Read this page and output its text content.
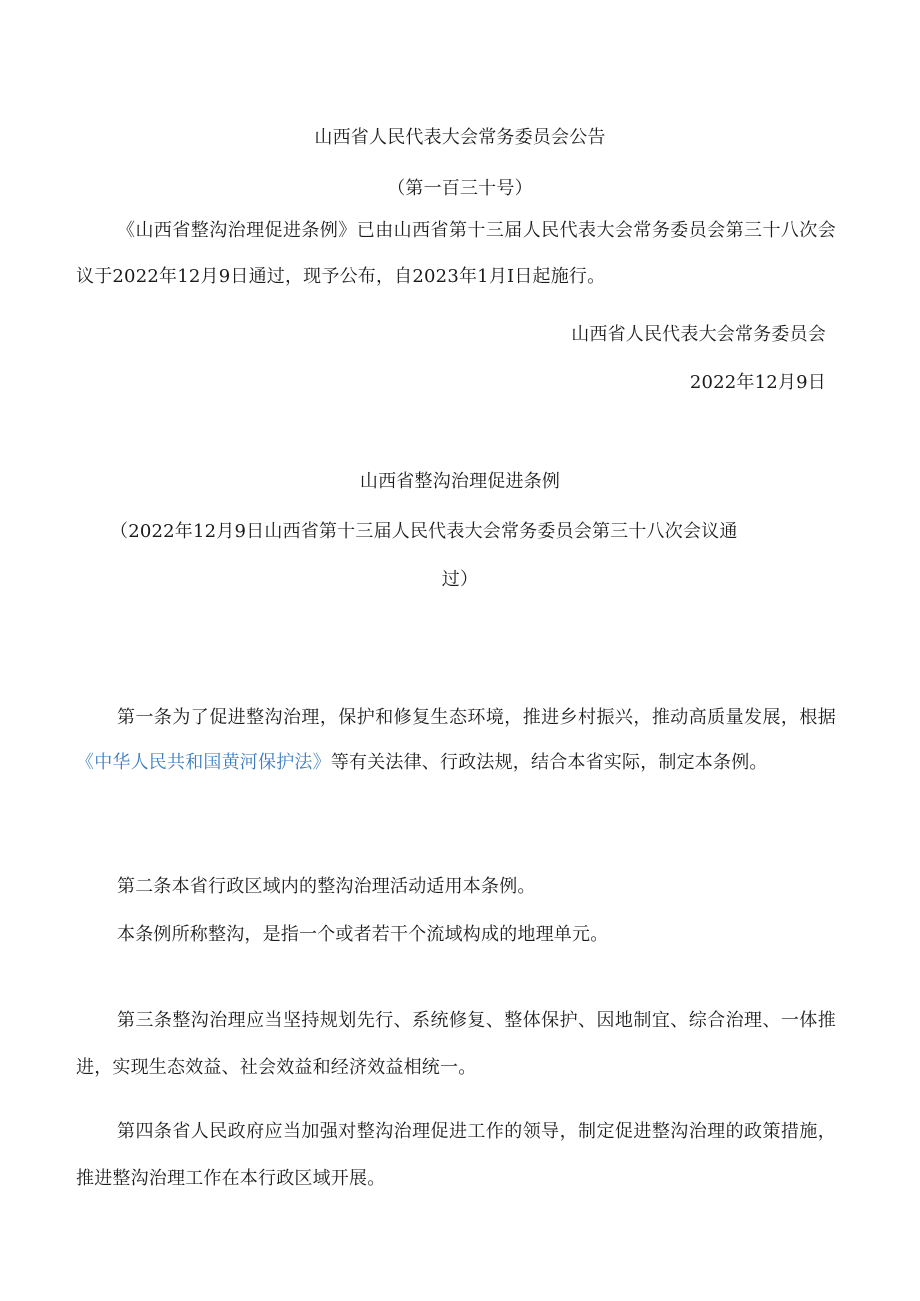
山西省人民代表大会常务委员会公告
（第一百三十号）

《山西省整沟治理促进条例》已由山西省第十三届人民代表大会常务委员会第三十八次会议于2022年12月9日通过，现予公布，自2023年1月I日起施行。

山西省人民代表大会常务委员会
2022年12月9日
山西省整沟治理促进条例
（2022年12月9日山西省第十三届人民代表大会常务委员会第三十八次会议通
过）

第一条为了促进整沟治理，保护和修复生态环境，推进乡村振兴，推动高质量发展，根据《中华人民共和国黄河保护法》等有关法律、行政法规，结合本省实际，制定本条例。

第二条本省行政区域内的整沟治理活动适用本条例。

本条例所称整沟，是指一个或者若干个流域构成的地理单元。

第三条整沟治理应当坚持规划先行、系统修复、整体保护、因地制宜、综合治理、一体推进，实现生态效益、社会效益和经济效益相统一。

第四条省人民政府应当加强对整沟治理促进工作的领导，制定促进整沟治理的政策措施，推进整沟治理工作在本行政区域开展。
